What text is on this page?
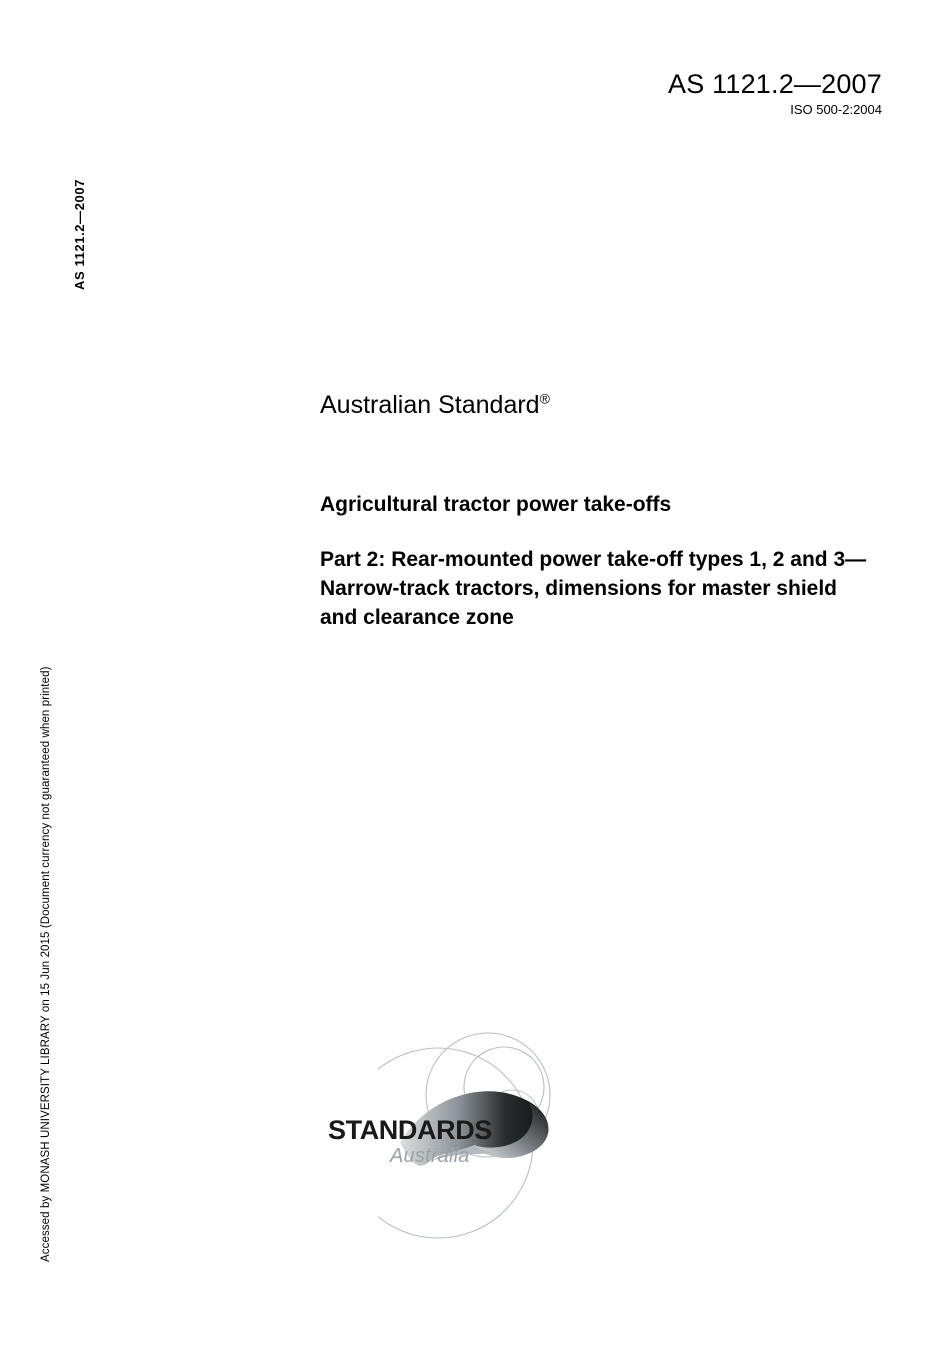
AS 1121.2—2007
ISO 500-2:2004
AS 1121.2—2007
Accessed by MONASH UNIVERSITY LIBRARY on 15 Jun 2015 (Document currency not guaranteed when printed)
Australian Standard®
Agricultural tractor power take-offs
Part 2: Rear-mounted power take-off types 1, 2 and 3—Narrow-track tractors, dimensions for master shield and clearance zone
STANDARDS
Australia
